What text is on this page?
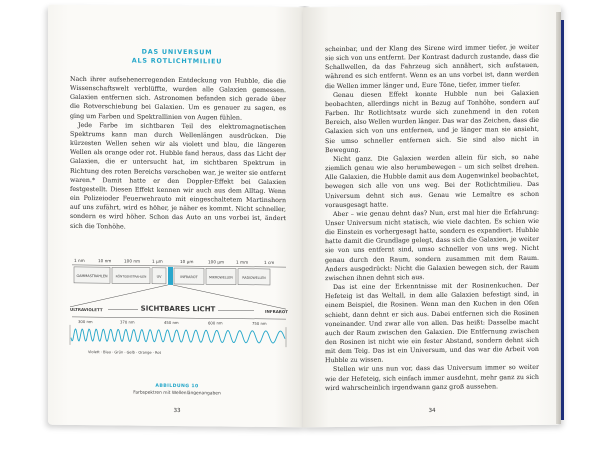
DAS UNIVERSUM
ALS ROTLICHTMILIEU

Nach ihrer aufsehenerregenden Entdeckung von Hubble, die die Wissenschaftswelt verblüffte, wurden alle Galaxien gemessen. Galaxien entfernen sich. Astronomen befanden sich gerade über die Rotverschiebung bei Galaxien. Um es genauer zu sagen, es ging um Farben und Spektrallinien von Augen fühlen.

Jede Farbe im sichtbaren Teil des elektromagnetischen Spektrums kann man durch Wellenlängen ausdrücken. Die kürzesten Wellen sehen wir als violett und blau, die längeren Wellen als orange oder rot. Hubble fand heraus, dass das Licht der Galaxien, die er untersucht hat, im sichtbaren Spektrum in Richtung des roten Bereichs verschoben war, je weiter sie entfernt waren.* Damit hatte er den Doppler-Effekt bei Galaxien festgestellt. Diesen Effekt kennen wir auch aus dem Alltag. Wenn ein Polizeioder Feuerwehrauto mit eingeschaltetem Martinshorn auf uns zufährt, wird es höher, je näher es kommt. Nicht schneller, sondern es wird höher. Schon das Auto an uns vorbei ist, ändert sich die Tonhöhe.

1 nm	10 nm	100 nm	1 µm	10 µm	100 µm	1 mm	1 cm
GAMMASTRAHLEN	RÖNTGENSTRAHLEN	UV	INFRAROT	MIKROWELLEN	RADIOWELLEN
ULTRAVIOLETT	SICHTBARES LICHT	INFRAROT
300 nm	370 nm	450 nm	600 nm	750 nm
Violett · Blau · Grün · Gelb · Orange · Rot
ABBILDUNG 10
Farbspektren mit Wellenlängenangaben
33

scheinbar, und der Klang des Sirene wird immer tiefer, je weiter sie sich von uns entfernt. Der Kontrast dadurch zustande, dass die Schallwellen, da das Fahrzeug sich annähert, sich aufstauen, während es sich entfernt. Wenn es an uns vorbei ist, dann werden die Wellen immer länger und, Eure Töne, tiefer, immer tiefer.

Genau diesen Effekt konnte Hubble nun bei Galaxien beobachten, allerdings nicht in Bezug auf Tonhöhe, sondern auf Farben. Ihr Rotlichtsatz wurde sich zunehmend in den roten Bereich, also Wellen wurden länger. Das war das Zeichen, dass die Galaxien sich von uns entfernen, und je länger man sie ansieht, Sie umso schneller entfernen sich. Sie sind also nicht in Bewegung.

Nicht ganz. Die Galaxien werden allein für sich, so nahe ziemlich genau wie also herumbewegen – um sich selbst drehen. Alle Galaxien, die Hubble damit aus dem Augenwinkel beobachtet, bewegen sich alle von uns weg. Bei der Rotlichtmilieu. Das Universum dehnt sich aus. Genau wie Lemaître es schon vorausgesagt hatte.

Aber – wie genau dehnt das? Nun, erst mal hier die Erfahrung: Unser Universum nicht statisch, wie viele dachten. Es schien wie die Einstein es vorhergesagt hatte, sondern es expandiert. Hubble hatte damit die Grundlage gelegt, dass sich die Galaxien, je weiter sie von uns entfernt sind, umso schneller von uns weg. Nicht genau durch den Raum, sondern zusammen mit dem Raum. Anders ausgedrückt: Nicht die Galaxien bewegen sich, der Raum zwischen ihnen dehnt sich aus.

Das ist eine der Erkenntnisse mit der Rosinenkuchen. Der Hefeteig ist das Weltall, in dem alle Galaxien befestigt sind, in einem Beispiel, die Rosinen. Wenn man den Kuchen in den Ofen schiebt, dann dehnt er sich aus. Dabei entfernen sich die Rosinen voneinander. Und zwar alle von allen. Das heißt: Dasselbe macht auch der Raum zwischen den Galaxien. Die Entfernung zwischen den Rosinen ist nicht wie ein fester Abstand, sondern dehnt sich mit dem Teig. Das ist ein Universum, und das war die Arbeit von Hubble zu wissen.

Stellen wir uns nun vor, dass das Universum immer so weiter wie der Hefeteig, sich einfach immer ausdehnt, mehr ganz zu sich wird wahrscheinlich irgendwann ganz groß aussehen.

34
